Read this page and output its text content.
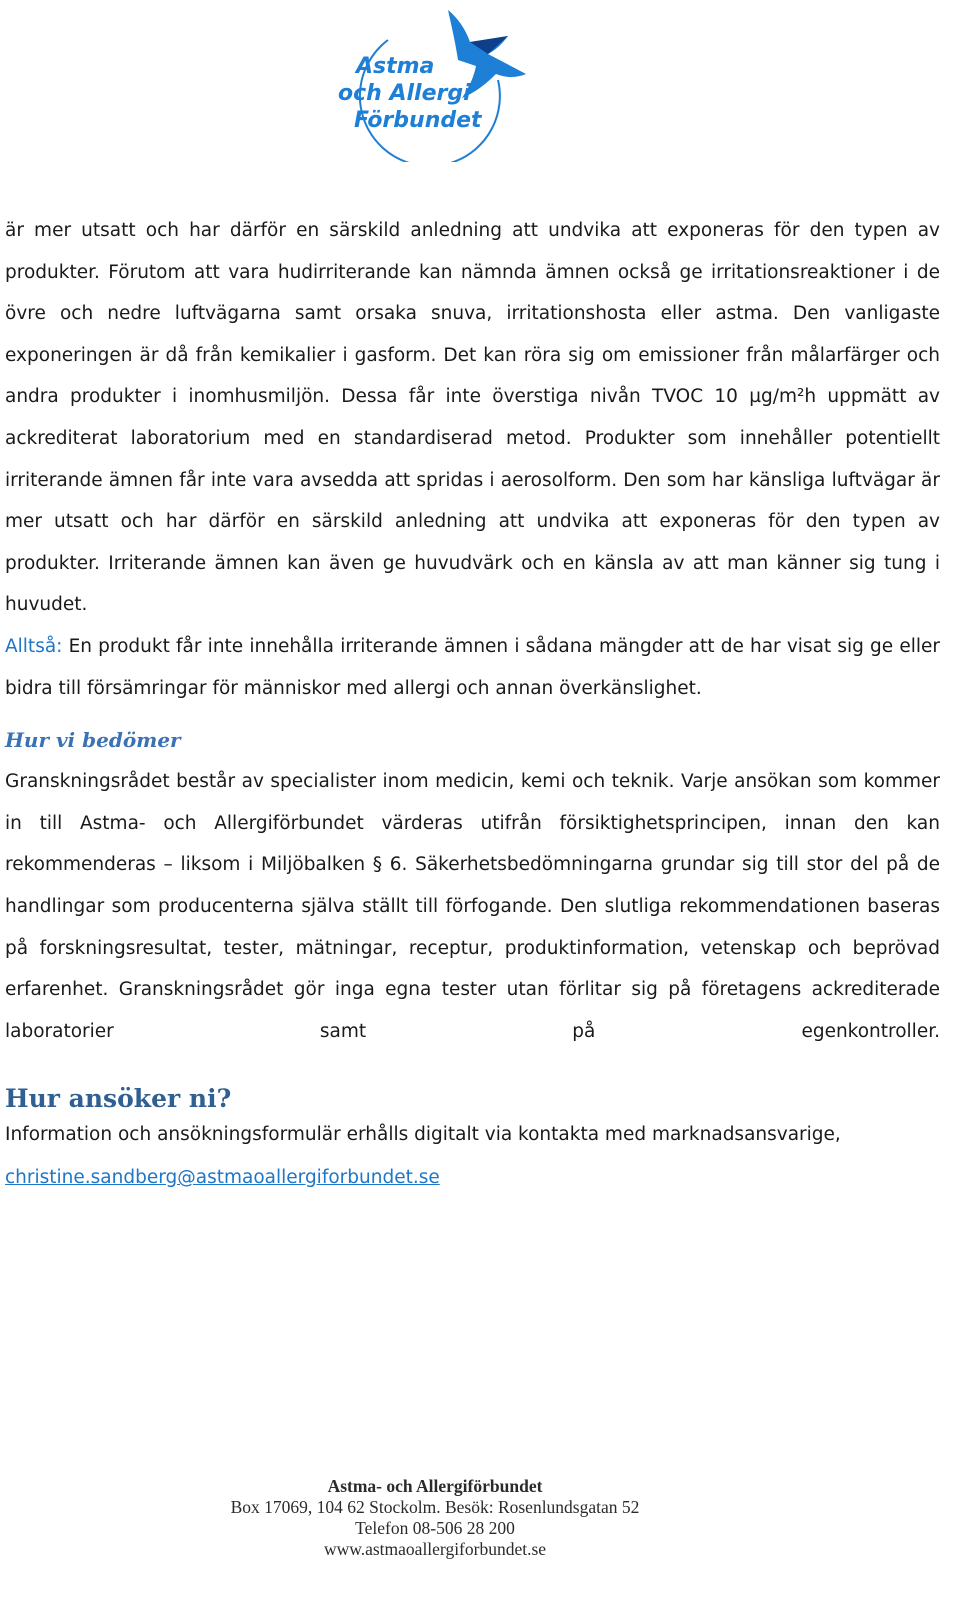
Astma
och Allergi
Förbundet

är mer utsatt och har därför en särskild anledning att undvika att exponeras för den typen av produkter. Förutom att vara hudirriterande kan nämnda ämnen också ge irritationsreaktioner i de övre och nedre luftvägarna samt orsaka snuva, irritationshosta eller astma. Den vanligaste exponeringen är då från kemikalier i gasform. Det kan röra sig om emissioner från målarfärger och andra produkter i inomhusmiljön. Dessa får inte överstiga nivån TVOC 10 µg/m²h uppmätt av ackrediterat laboratorium med en standardiserad metod. Produkter som innehåller potentiellt irriterande ämnen får inte vara avsedda att spridas i aerosolform. Den som har känsliga luftvägar är mer utsatt och har därför en särskild anledning att undvika att exponeras för den typen av produkter. Irriterande ämnen kan även ge huvudvärk och en känsla av att man känner sig tung i huvudet.

Alltså: En produkt får inte innehålla irriterande ämnen i sådana mängder att de har visat sig ge eller bidra till försämringar för människor med allergi och annan överkänslighet.

Hur vi bedömer

Granskningsrådet består av specialister inom medicin, kemi och teknik. Varje ansökan som kommer in till Astma- och Allergiförbundet värderas utifrån försiktighetsprincipen, innan den kan rekommenderas – liksom i Miljöbalken § 6. Säkerhetsbedömningarna grundar sig till stor del på de handlingar som producenterna själva ställt till förfogande. Den slutliga rekommendationen baseras på forskningsresultat, tester, mätningar, receptur, produktinformation, vetenskap och beprövad erfarenhet. Granskningsrådet gör inga egna tester utan förlitar sig på företagens ackrediterade laboratorier samt på egenkontroller.

Hur ansöker ni?

Information och ansökningsformulär erhålls digitalt via kontakta med marknadsansvarige,

christine.sandberg@astmaoallergiforbundet.se

Astma- och Allergiförbundet
Box 17069, 104 62 Stockolm. Besök: Rosenlundsgatan 52
Telefon 08-506 28 200
www.astmaoallergiforbundet.se
